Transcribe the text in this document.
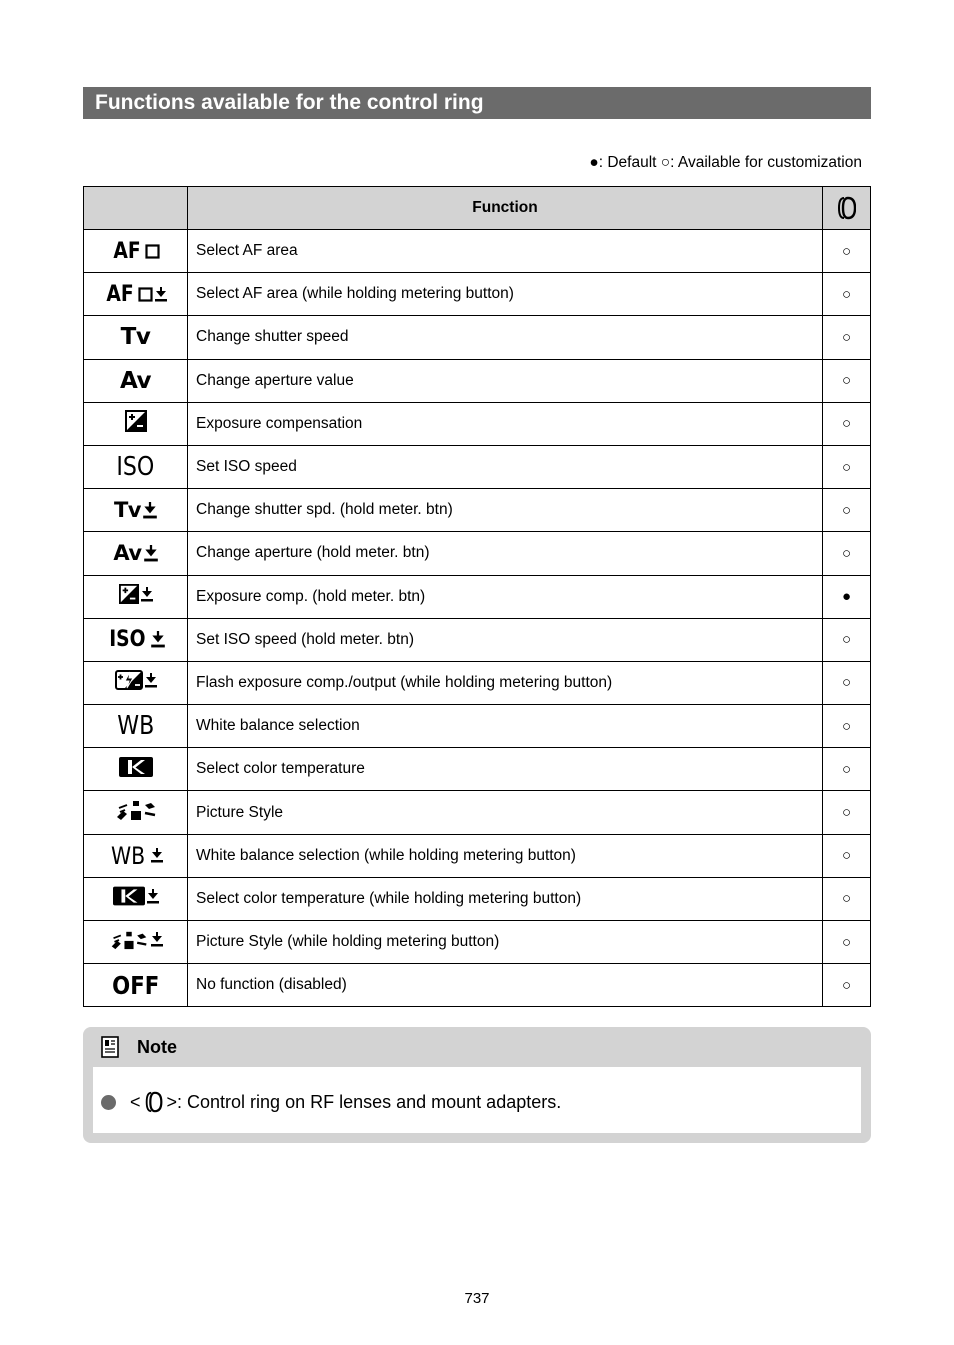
Functions available for the control ring
●: Default ○: Available for customization
	Function	

AF	Select AF area	○

AF	Select AF area (while holding metering button)	○
Tv	Change shutter speed	○
Av	Change aperture value	○

	Exposure compensation	○
ISO	Set ISO speed	○

Tv	Change shutter spd. (hold meter. btn)	○

Av	Change aperture (hold meter. btn)	○

	Exposure comp. (hold meter. btn)	●

ISO	Set ISO speed (hold meter. btn)	○

	Flash exposure comp./output (while holding metering button)	○
WB	White balance selection	○

	Select color temperature	○

	Picture Style	○

WB	White balance selection (while holding metering button)	○

	Select color temperature (while holding metering button)	○

	Picture Style (while holding metering button)	○
OFF	No function (disabled)	○
Note
< >: Control ring on RF lenses and mount adapters.
737
